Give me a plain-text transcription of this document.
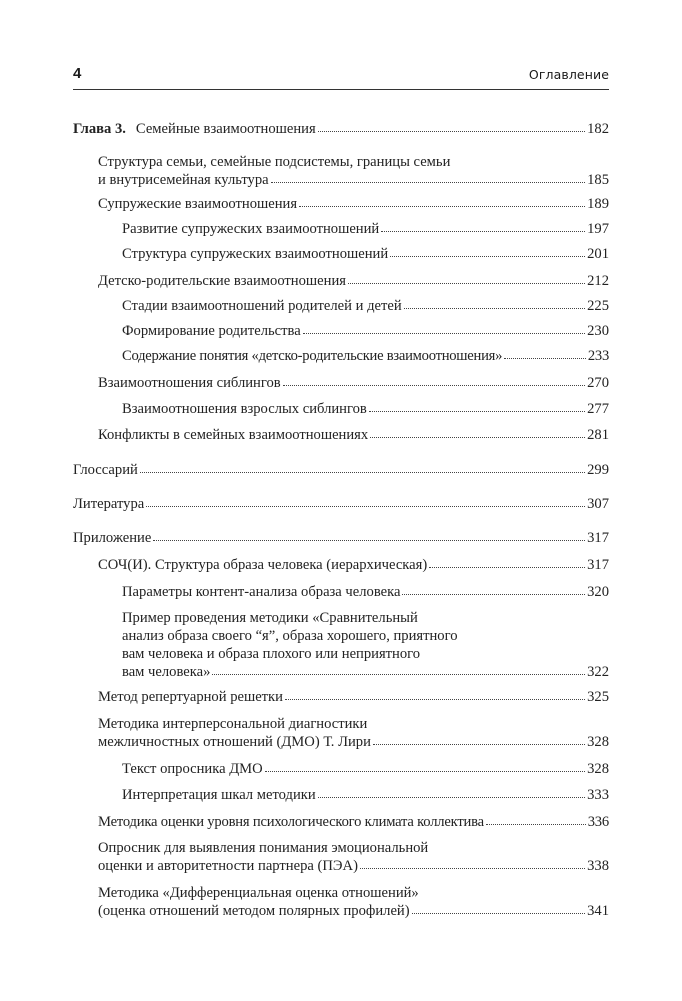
4	Оглавление
Глава 3. Семейные взаимоотношения	182
Структура семьи, семейные подсистемы, границы семьи
и внутрисемейная культура	185
Супружеские взаимоотношения	189
Развитие супружеских взаимоотношений	197
Структура супружеских взаимоотношений	201
Детско-родительские взаимоотношения	212
Стадии взаимоотношений родителей и детей	225
Формирование родительства	230
Содержание понятия «детско-родительские взаимоотношения»	233
Взаимоотношения сиблингов	270
Взаимоотношения взрослых сиблингов	277
Конфликты в семейных взаимоотношениях	281
Глоссарий	299
Литература	307
Приложение	317
СОЧ(И). Структура образа человека (иерархическая)	317
Параметры контент-анализа образа человека	320
Пример проведения методики «Сравнительный
анализ образа своего “я”, образа хорошего, приятного
вам человека и образа плохого или неприятного
вам человека»	322
Метод репертуарной решетки	325
Методика интерперсональной диагностики
межличностных отношений (ДМО) Т. Лири	328
Текст опросника ДМО	328
Интерпретация шкал методики	333
Методика оценки уровня психологического климата коллектива	336
Опросник для выявления понимания эмоциональной
оценки и авторитетности партнера (ПЭА)	338
Методика «Дифференциальная оценка отношений»
(оценка отношений методом полярных профилей)	341
